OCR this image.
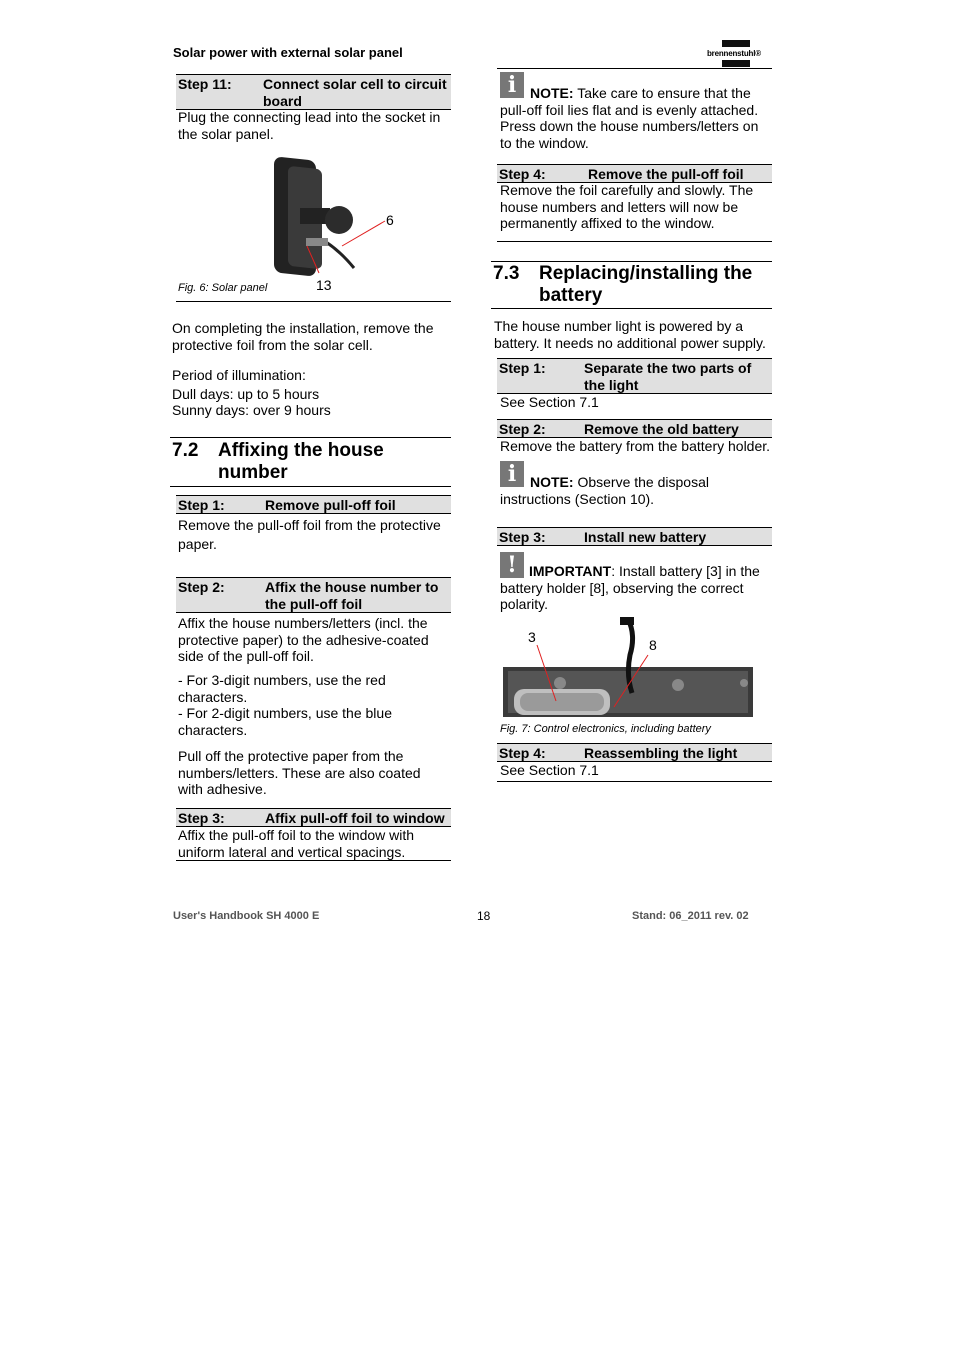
Solar power with external solar panel	brennenstuhl®
Step 11: Connect solar cell to circuit
board
Plug the connecting lead into the socket in
the solar panel.
6
13
Fig. 6: Solar panel
On completing the installation, remove the
protective foil from the solar cell.
Period of illumination:
Dull days: up to 5 hours
Sunny days: over 9 hours
7.2 Affixing the house
number
Step 1:	Remove pull-off foil
Remove the pull-off foil from the protective
paper.
Step 2:	Affix the house number to
the pull-off foil
Affix the house numbers/letters (incl. the
protective paper) to the adhesive-coated
side of the pull-off foil.
- For 3-digit numbers, use the red
characters.
- For 2-digit numbers, use the blue
characters.
Pull off the protective paper from the
numbers/letters. These are also coated
with adhesive.
Step 3:	Affix pull-off foil to window
Affix the pull-off foil to the window with
uniform lateral and vertical spacings.
i NOTE: Take care to ensure that the
pull-off foil lies flat and is evenly attached.
Press down the house numbers/letters on
to the window.
Step 4:	Remove the pull-off foil
Remove the foil carefully and slowly. The
house numbers and letters will now be
permanently affixed to the window.
7.3 Replacing/installing the
battery
The house number light is powered by a
battery. It needs no additional power supply.
Step 1:	Separate the two parts of
the light
See Section 7.1
Step 2:	Remove the old battery
Remove the battery from the battery holder.
i NOTE: Observe the disposal
instructions (Section 10).
Step 3:	Install new battery
! IMPORTANT: Install battery [3] in the
battery holder [8], observing the correct
polarity.
3	8
Fig. 7: Control electronics, including battery
Step 4:	Reassembling the light
See Section 7.1
User's Handbook SH 4000 E	18	Stand: 06_2011 rev. 02
